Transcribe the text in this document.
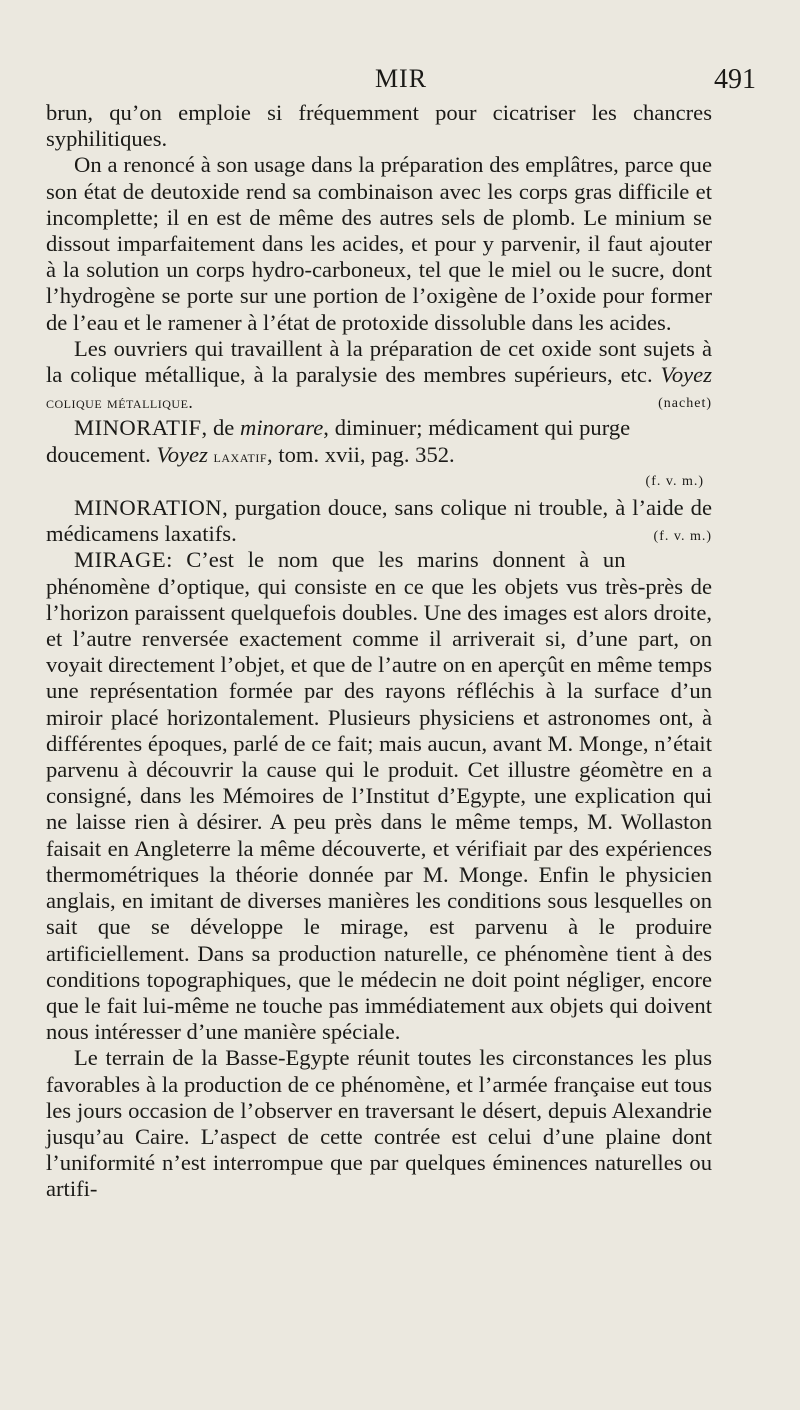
MIR	491

brun, qu’on emploie si fréquemment pour cicatriser les chancres syphilitiques.

On a renoncé à son usage dans la préparation des emplâtres, parce que son état de deutoxide rend sa combinaison avec les corps gras difficile et incomplette; il en est de même des autres sels de plomb. Le minium se dissout imparfaitement dans les acides, et pour y parvenir, il faut ajouter à la solution un corps hydro-carboneux, tel que le miel ou le sucre, dont l’hydrogène se porte sur une portion de l’oxigène de l’oxide pour former de l’eau et le ramener à l’état de protoxide dissoluble dans les acides.

Les ouvriers qui travaillent à la préparation de cet oxide sont sujets à la colique métallique, à la paralysie des membres supérieurs, etc. Voyez colique métallique.	(nachet)

MINORATIF, de minorare, diminuer; médicament qui purge doucement. Voyez laxatif, tom. xvii, pag. 352.

(f. v. m.)

MINORATION, purgation douce, sans colique ni trouble, à l’aide de médicamens laxatifs.	(f. v. m.)

MIRAGE: C’est le nom que les marins donnent à un phénomène d’optique, qui consiste en ce que les objets vus très-près de l’horizon paraissent quelquefois doubles. Une des images est alors droite, et l’autre renversée exactement comme il arriverait si, d’une part, on voyait directement l’objet, et que de l’autre on en aperçût en même temps une représentation formée par des rayons réfléchis à la surface d’un miroir placé horizontalement. Plusieurs physiciens et astronomes ont, à différentes époques, parlé de ce fait; mais aucun, avant M. Monge, n’était parvenu à découvrir la cause qui le produit. Cet illustre géomètre en a consigné, dans les Mémoires de l’Institut d’Egypte, une explication qui ne laisse rien à désirer. A peu près dans le même temps, M. Wollaston faisait en Angleterre la même découverte, et vérifiait par des expériences thermométriques la théorie donnée par M. Monge. Enfin le physicien anglais, en imitant de diverses manières les conditions sous lesquelles on sait que se développe le mirage, est parvenu à le produire artificiellement. Dans sa production naturelle, ce phénomène tient à des conditions topographiques, que le médecin ne doit point négliger, encore que le fait lui-même ne touche pas immédiatement aux objets qui doivent nous intéresser d’une manière spéciale.

Le terrain de la Basse-Egypte réunit toutes les circonstances les plus favorables à la production de ce phénomène, et l’armée française eut tous les jours occasion de l’observer en traversant le désert, depuis Alexandrie jusqu’au Caire. L’aspect de cette contrée est celui d’une plaine dont l’uniformité n’est interrompue que par quelques éminences naturelles ou artifi-
